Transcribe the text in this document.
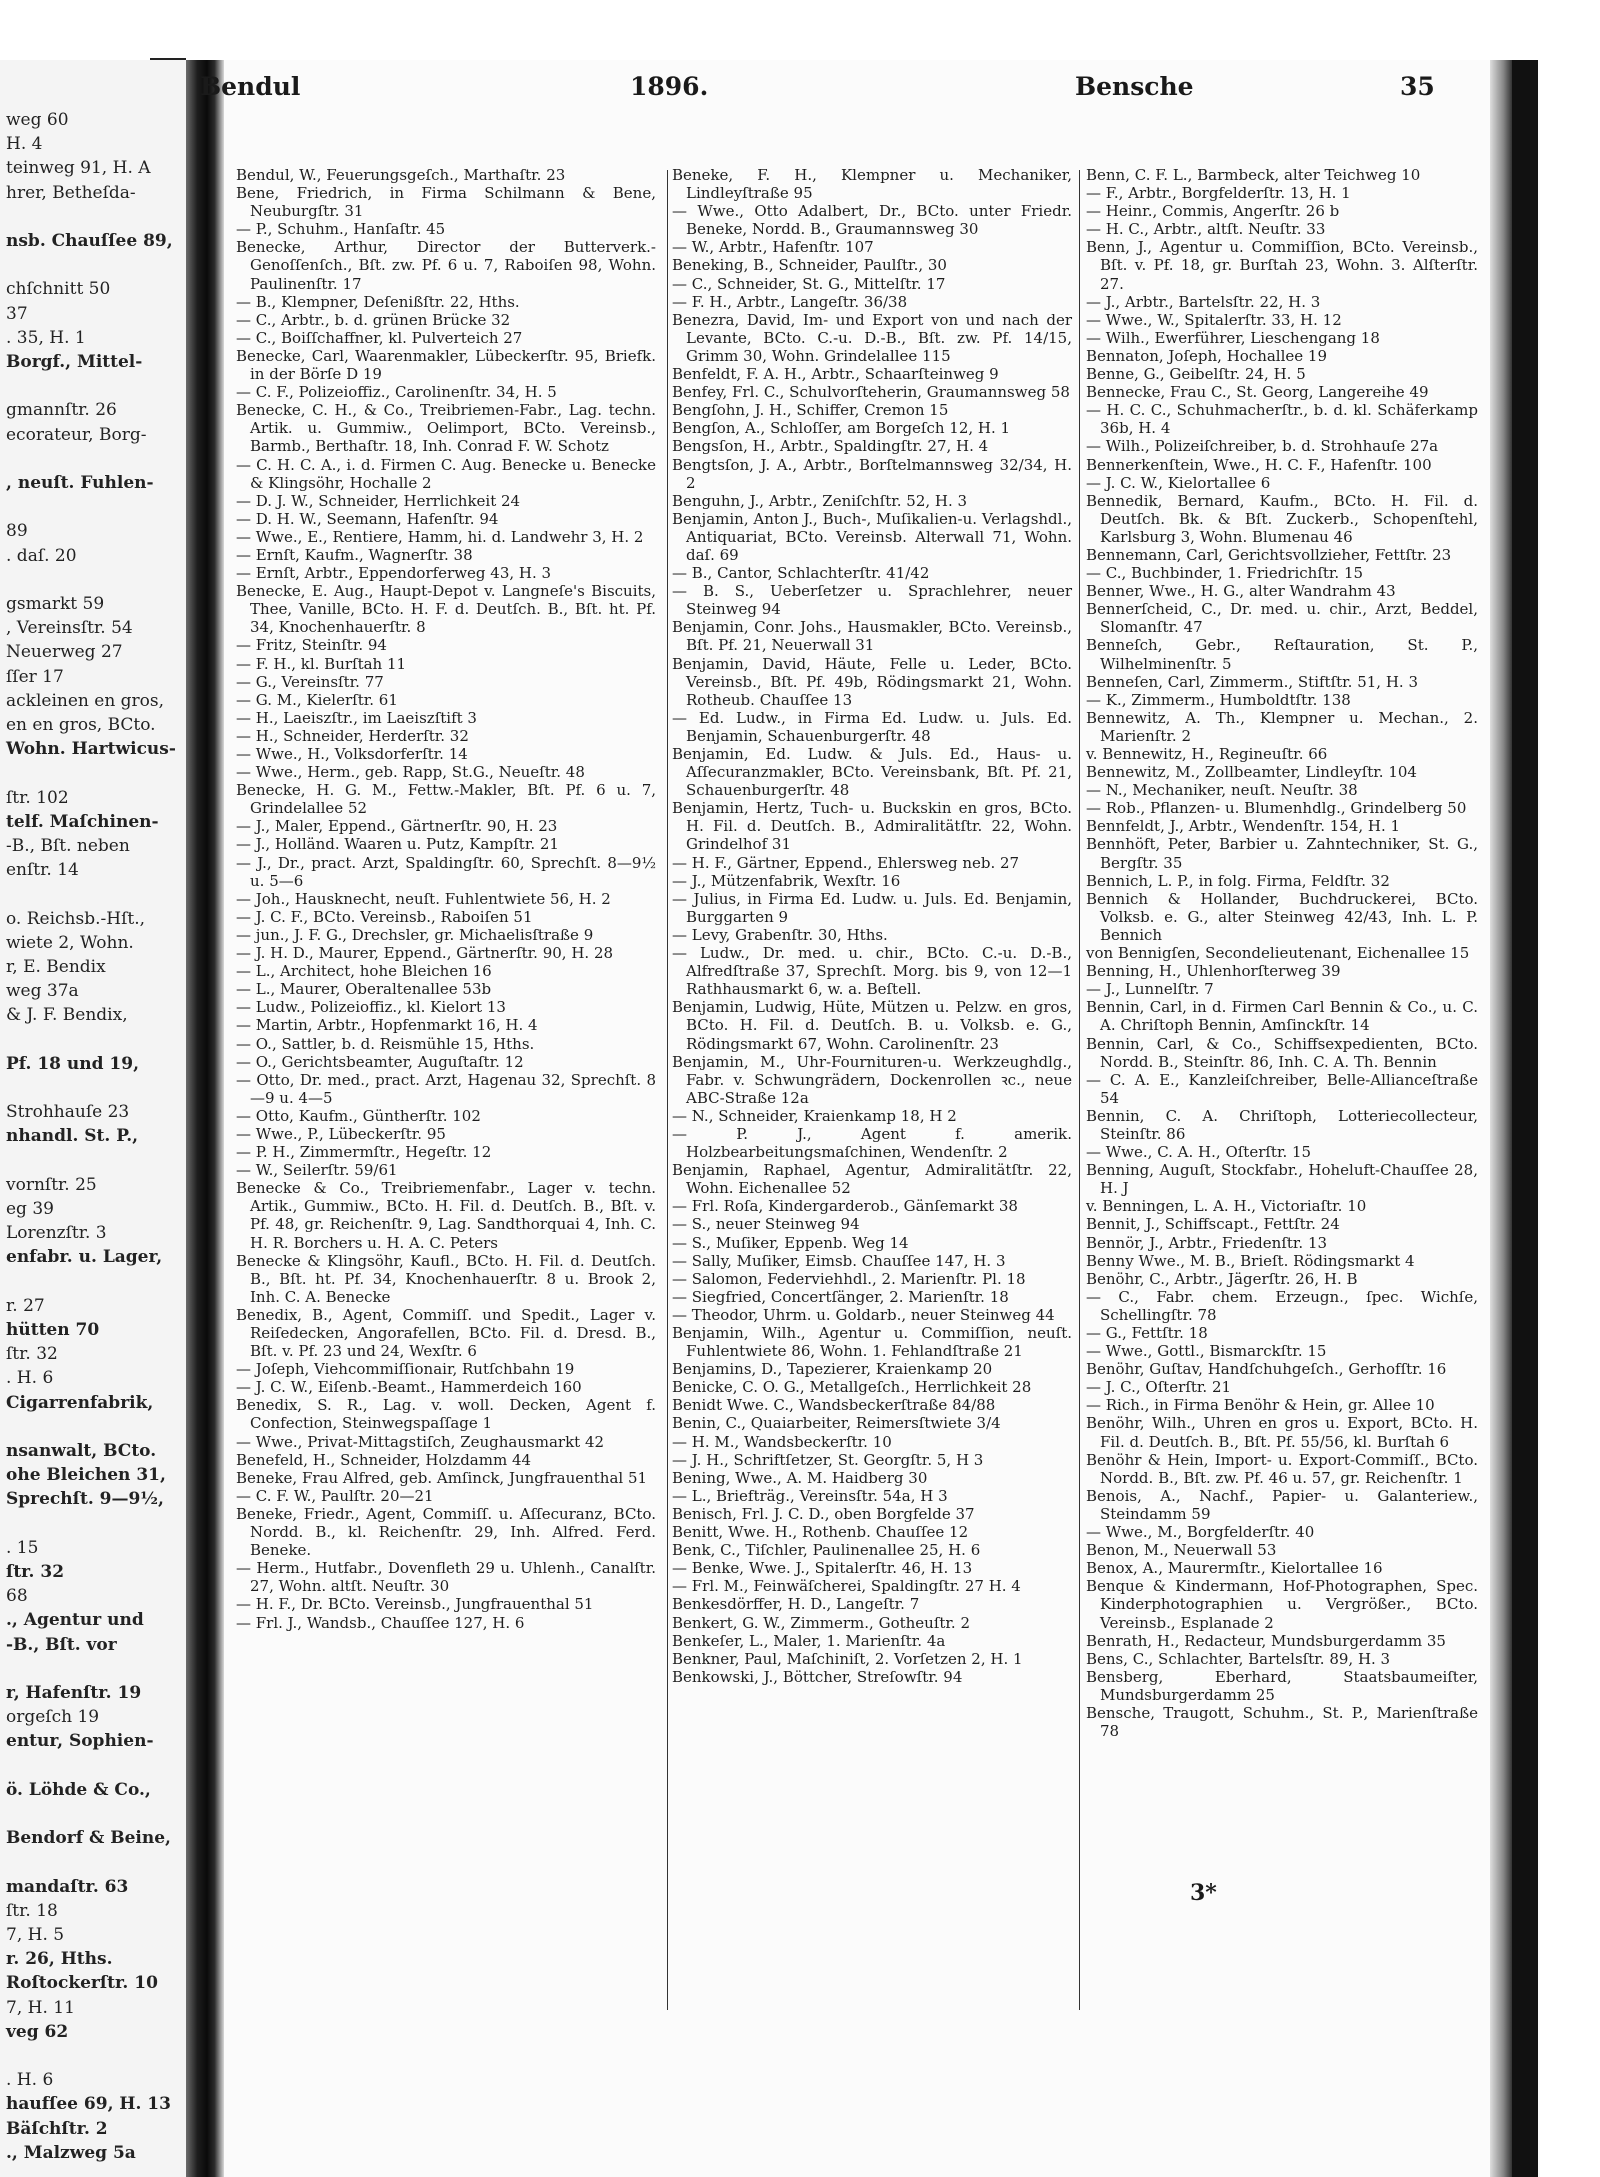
weg 60
H. 4
teinweg 91, H. A
hrer, Betheſda-
nsb. Chauſſee 89,
chſchnitt 50
37
. 35, H. 1
Borgf., Mittel-
gmannſtr. 26
ecorateur, Borg-
, neuſt. Fuhlen-
89
. daſ. 20
gsmarkt 59
, Vereinsſtr. 54
Neuerweg 27
ſſer 17
ackleinen en gros,
en en gros, BCto.
Wohn. Hartwicus-
ſtr. 102
telf. Maſchinen-
-B., Bſt. neben
enſtr. 14
o. Reichsb.-Hſt.,
wiete 2, Wohn.
r, E. Bendix
weg 37a
& J. F. Bendix,
Pf. 18 und 19,
Strohhauſe 23
nhandl. St. P.,
vornſtr. 25
eg 39
Lorenzſtr. 3
enfabr. u. Lager,
r. 27
hütten 70
ſtr. 32
. H. 6
Cigarrenfabrik,
nsanwalt, BCto.
ohe Bleichen 31,
Sprechſt. 9—9½,
. 15
ſtr. 32
68
., Agentur und
-B., Bſt. vor
r, Hafenſtr. 19
orgeſch 19
entur, Sophien-
ö. Löhde & Co.,
Bendorf & Beine,
mandaſtr. 63
ſtr. 18
7, H. 5
r. 26, Hths.
Roſtockerſtr. 10
7, H. 11
veg 62
. H. 6
haufſee 69, H. 13
Bäſchſtr. 2
., Malzweg 5a

Bendul, W., Feuerungsgeſch., Marthaſtr. 23

Bene, Friedrich, in Firma Schilmann & Bene, Neuburgſtr. 31

— P., Schuhm., Hanſaſtr. 45

Benecke, Arthur, Director der Butterverk.-Genoſſenſch., Bſt. zw. Pf. 6 u. 7, Raboiſen 98, Wohn. Paulinenſtr. 17

— B., Klempner, Deſenißſtr. 22, Hths.

— C., Arbtr., b. d. grünen Brücke 32

— C., Boiſſchaffner, kl. Pulverteich 27

Benecke, Carl, Waarenmakler, Lübeckerſtr. 95, Briefk. in der Börſe D 19

— C. F., Polizeioffiz., Carolinenſtr. 34, H. 5

Benecke, C. H., & Co., Treibriemen-Fabr., Lag. techn. Artik. u. Gummiw., Oelimport, BCto. Vereinsb., Barmb., Berthaſtr. 18, Inh. Conrad F. W. Schotz

— C. H. C. A., i. d. Firmen C. Aug. Benecke u. Benecke & Klingsöhr, Hochalle 2

— D. J. W., Schneider, Herrlichkeit 24

— D. H. W., Seemann, Hafenſtr. 94

— Wwe., E., Rentiere, Hamm, hi. d. Landwehr 3, H. 2

— Ernſt, Kaufm., Wagnerſtr. 38

— Ernſt, Arbtr., Eppendorferweg 43, H. 3

Benecke, E. Aug., Haupt-Depot v. Langneſe's Biscuits, Thee, Vanille, BCto. H. F. d. Deutſch. B., Bſt. ht. Pf. 34, Knochenhauerſtr. 8

— Fritz, Steinſtr. 94

— F. H., kl. Burſtah 11

— G., Vereinsſtr. 77

— G. M., Kielerſtr. 61

— H., Laeiszſtr., im Laeiszſtift 3

— H., Schneider, Herderſtr. 32

— Wwe., H., Volksdorferſtr. 14

— Wwe., Herm., geb. Rapp, St.G., Neueſtr. 48

Benecke, H. G. M., Fettw.-Makler, Bſt. Pf. 6 u. 7, Grindelallee 52

— J., Maler, Eppend., Gärtnerſtr. 90, H. 23

— J., Holländ. Waaren u. Putz, Kampſtr. 21

— J., Dr., pract. Arzt, Spaldingſtr. 60, Sprechſt. 8—9½ u. 5—6

— Joh., Hausknecht, neuſt. Fuhlentwiete 56, H. 2

— J. C. F., BCto. Vereinsb., Raboiſen 51

— jun., J. F. G., Drechsler, gr. Michaelisſtraße 9

— J. H. D., Maurer, Eppend., Gärtnerſtr. 90, H. 28

— L., Architect, hohe Bleichen 16

— L., Maurer, Oberaltenallee 53b

— Ludw., Polizeioffiz., kl. Kielort 13

— Martin, Arbtr., Hopfenmarkt 16, H. 4

— O., Sattler, b. d. Reismühle 15, Hths.

— O., Gerichtsbeamter, Auguſtaſtr. 12

— Otto, Dr. med., pract. Arzt, Hagenau 32, Sprechſt. 8—9 u. 4—5

— Otto, Kaufm., Güntherſtr. 102

— Wwe., P., Lübeckerſtr. 95

— P. H., Zimmermſtr., Hegeſtr. 12

— W., Seilerſtr. 59/61

Benecke & Co., Treibriemenfabr., Lager v. techn. Artik., Gummiw., BCto. H. Fil. d. Deutſch. B., Bſt. v. Pf. 48, gr. Reichenſtr. 9, Lag. Sandthorquai 4, Inh. C. H. R. Borchers u. H. A. C. Peters

Benecke & Klingsöhr, Kaufl., BCto. H. Fil. d. Deutſch. B., Bſt. ht. Pf. 34, Knochenhauerſtr. 8 u. Brook 2, Inh. C. A. Benecke

Benedix, B., Agent, Commiſſ. und Spedit., Lager v. Reiſedecken, Angorafellen, BCto. Fil. d. Dresd. B., Bſt. v. Pf. 23 und 24, Wexſtr. 6

— Joſeph, Viehcommiſſionair, Rutſchbahn 19

— J. C. W., Eiſenb.-Beamt., Hammerdeich 160

Benedix, S. R., Lag. v. woll. Decken, Agent f. Confection, Steinwegspaſſage 1

— Wwe., Privat-Mittagstiſch, Zeughausmarkt 42

Benefeld, H., Schneider, Holzdamm 44

Beneke, Frau Alfred, geb. Amſinck, Jungfrauenthal 51

— C. F. W., Paulſtr. 20—21

Beneke, Friedr., Agent, Commiſſ. u. Aſſecuranz, BCto. Nordd. B., kl. Reichenſtr. 29, Inh. Alfred. Ferd. Beneke.

— Herm., Hutfabr., Dovenfleth 29 u. Uhlenh., Canalſtr. 27, Wohn. altſt. Neuſtr. 30

— H. F., Dr. BCto. Vereinsb., Jungfrauenthal 51

— Frl. J., Wandsb., Chauſſee 127, H. 6

Beneke, F. H., Klempner u. Mechaniker, Lindleyſtraße 95

— Wwe., Otto Adalbert, Dr., BCto. unter Friedr. Beneke, Nordd. B., Graumannsweg 30

— W., Arbtr., Hafenſtr. 107

Beneking, B., Schneider, Paulſtr., 30

— C., Schneider, St. G., Mittelſtr. 17

— F. H., Arbtr., Langeſtr. 36/38

Benezra, David, Im- und Export von und nach der Levante, BCto. C.-u. D.-B., Bſt. zw. Pf. 14/15, Grimm 30, Wohn. Grindelallee 115

Benfeldt, F. A. H., Arbtr., Schaarſteinweg 9

Benfey, Frl. C., Schulvorſteherin, Graumannsweg 58

Bengſohn, J. H., Schiffer, Cremon 15

Bengſon, A., Schloſſer, am Borgeſch 12, H. 1

Bengsſon, H., Arbtr., Spaldingſtr. 27, H. 4

Bengtsſon, J. A., Arbtr., Borſtelmannsweg 32/34, H. 2

Benguhn, J., Arbtr., Zeniſchſtr. 52, H. 3

Benjamin, Anton J., Buch-, Muſikalien-u. Verlagshdl., Antiquariat, BCto. Vereinsb. Alterwall 71, Wohn. daſ. 69

— B., Cantor, Schlachterſtr. 41/42

— B. S., Ueberſetzer u. Sprachlehrer, neuer Steinweg 94

Benjamin, Conr. Johs., Hausmakler, BCto. Vereinsb., Bſt. Pf. 21, Neuerwall 31

Benjamin, David, Häute, Felle u. Leder, BCto. Vereinsb., Bſt. Pf. 49b, Rödingsmarkt 21, Wohn. Rotheub. Chauſſee 13

— Ed. Ludw., in Firma Ed. Ludw. u. Juls. Ed. Benjamin, Schauenburgerſtr. 48

Benjamin, Ed. Ludw. & Juls. Ed., Haus- u. Aſſecuranzmakler, BCto. Vereinsbank, Bſt. Pf. 21, Schauenburgerſtr. 48

Benjamin, Hertz, Tuch- u. Buckskin en gros, BCto. H. Fil. d. Deutſch. B., Admiralitätſtr. 22, Wohn. Grindelhof 31

— H. F., Gärtner, Eppend., Ehlersweg neb. 27

— J., Mützenfabrik, Wexſtr. 16

— Julius, in Firma Ed. Ludw. u. Juls. Ed. Benjamin, Burggarten 9

— Levy, Grabenſtr. 30, Hths.

— Ludw., Dr. med. u. chir., BCto. C.-u. D.-B., Alfredſtraße 37, Sprechſt. Morg. bis 9, von 12—1 Rathhausmarkt 6, w. a. Beſtell.

Benjamin, Ludwig, Hüte, Mützen u. Pelzw. en gros, BCto. H. Fil. d. Deutſch. B. u. Volksb. e. G., Rödingsmarkt 67, Wohn. Carolinenſtr. 23

Benjamin, M., Uhr-Fournituren-u. Werkzeughdlg., Fabr. v. Schwungrädern, Dockenrollen ꝛc., neue ABC-Straße 12a

— N., Schneider, Kraienkamp 18, H 2

— P. J., Agent f. amerik. Holzbearbeitungsmaſchinen, Wendenſtr. 2

Benjamin, Raphael, Agentur, Admiralitätſtr. 22, Wohn. Eichenallee 52

— Frl. Roſa, Kindergarderob., Gänſemarkt 38

— S., neuer Steinweg 94

— S., Muſiker, Eppenb. Weg 14

— Sally, Muſiker, Eimsb. Chauſſee 147, H. 3

— Salomon, Federviehhdl., 2. Marienſtr. Pl. 18

— Siegfried, Concertſänger, 2. Marienſtr. 18

— Theodor, Uhrm. u. Goldarb., neuer Steinweg 44

Benjamin, Wilh., Agentur u. Commiſſion, neuſt. Fuhlentwiete 86, Wohn. 1. Fehlandſtraße 21

Benjamins, D., Tapezierer, Kraienkamp 20

Benicke, C. O. G., Metallgeſch., Herrlichkeit 28

Benidt Wwe. C., Wandsbeckerſtraße 84/88

Benin, C., Quaiarbeiter, Reimersſtwiete 3/4

— H. M., Wandsbeckerſtr. 10

— J. H., Schriftſetzer, St. Georgſtr. 5, H 3

Bening, Wwe., A. M. Haidberg 30

— L., Briefträg., Vereinsſtr. 54a, H 3

Benisch, Frl. J. C. D., oben Borgfelde 37

Benitt, Wwe. H., Rothenb. Chauſſee 12

Benk, C., Tiſchler, Paulinenallee 25, H. 6

— Benke, Wwe. J., Spitalerſtr. 46, H. 13

— Frl. M., Feinwäſcherei, Spaldingſtr. 27 H. 4

Benkesdörffer, H. D., Langeſtr. 7

Benkert, G. W., Zimmerm., Gotheuſtr. 2

Benkeſer, L., Maler, 1. Marienſtr. 4a

Benkner, Paul, Maſchiniſt, 2. Vorſetzen 2, H. 1

Benkowski, J., Böttcher, Streſowſtr. 94

Benn, C. F. L., Barmbeck, alter Teichweg 10

— F., Arbtr., Borgfelderſtr. 13, H. 1

— Heinr., Commis, Angerſtr. 26 b

— H. C., Arbtr., altſt. Neuſtr. 33

Benn, J., Agentur u. Commiſſion, BCto. Vereinsb., Bſt. v. Pf. 18, gr. Burſtah 23, Wohn. 3. Alſterſtr. 27.

— J., Arbtr., Bartelsſtr. 22, H. 3

— Wwe., W., Spitalerſtr. 33, H. 12

— Wilh., Ewerführer, Lieschengang 18

Bennaton, Joſeph, Hochallee 19

Benne, G., Geibelſtr. 24, H. 5

Bennecke, Frau C., St. Georg, Langereihe 49

— H. C. C., Schuhmacherſtr., b. d. kl. Schäferkamp 36b, H. 4

— Wilh., Polizeiſchreiber, b. d. Strohhauſe 27a

Bennerkenſtein, Wwe., H. C. F., Hafenſtr. 100

— J. C. W., Kielortallee 6

Bennedik, Bernard, Kaufm., BCto. H. Fil. d. Deutſch. Bk. & Bſt. Zuckerb., Schopenſtehl, Karlsburg 3, Wohn. Blumenau 46

Bennemann, Carl, Gerichtsvollzieher, Fettſtr. 23

— C., Buchbinder, 1. Friedrichſtr. 15

Benner, Wwe., H. G., alter Wandrahm 43

Bennerſcheid, C., Dr. med. u. chir., Arzt, Beddel, Slomanſtr. 47

Benneſch, Gebr., Reſtauration, St. P., Wilhelminenſtr. 5

Benneſen, Carl, Zimmerm., Stiftſtr. 51, H. 3

— K., Zimmerm., Humboldtſtr. 138

Bennewitz, A. Th., Klempner u. Mechan., 2. Marienſtr. 2

v. Bennewitz, H., Regineuſtr. 66

Bennewitz, M., Zollbeamter, Lindleyſtr. 104

— N., Mechaniker, neuſt. Neuſtr. 38

— Rob., Pflanzen- u. Blumenhdlg., Grindelberg 50

Bennfeldt, J., Arbtr., Wendenſtr. 154, H. 1

Bennhöft, Peter, Barbier u. Zahntechniker, St. G., Bergſtr. 35

Bennich, L. P., in folg. Firma, Feldſtr. 32

Bennich & Hollander, Buchdruckerei, BCto. Volksb. e. G., alter Steinweg 42/43, Inh. L. P. Bennich

von Bennigſen, Secondelieutenant, Eichenallee 15

Benning, H., Uhlenhorſterweg 39

— J., Lunnelſtr. 7

Bennin, Carl, in d. Firmen Carl Bennin & Co., u. C. A. Chriſtoph Bennin, Amſinckſtr. 14

Bennin, Carl, & Co., Schiffsexpedienten, BCto. Nordd. B., Steinſtr. 86, Inh. C. A. Th. Bennin

— C. A. E., Kanzleiſchreiber, Belle-Allianceſtraße 54

Bennin, C. A. Chriſtoph, Lotteriecollecteur, Steinſtr. 86

— Wwe., C. A. H., Oſterſtr. 15

Benning, Auguſt, Stockfabr., Hoheluft-Chauſſee 28, H. J

v. Benningen, L. A. H., Victoriaſtr. 10

Bennit, J., Schiffscapt., Fettſtr. 24

Bennör, J., Arbtr., Friedenſtr. 13

Benny Wwe., M. B., Brieſt. Rödingsmarkt 4

Benöhr, C., Arbtr., Jägerſtr. 26, H. B

— C., Fabr. chem. Erzeugn., ſpec. Wichſe, Schellingſtr. 78

— G., Fettſtr. 18

— Wwe., Gottl., Bismarckſtr. 15

Benöhr, Guſtav, Handſchuhgeſch., Gerhofſtr. 16

— J. C., Oſterſtr. 21

— Rich., in Firma Benöhr & Hein, gr. Allee 10

Benöhr, Wilh., Uhren en gros u. Export, BCto. H. Fil. d. Deutſch. B., Bſt. Pf. 55/56, kl. Burſtah 6

Benöhr & Hein, Import- u. Export-Commiſſ., BCto. Nordd. B., Bſt. zw. Pf. 46 u. 57, gr. Reichenſtr. 1

Benois, A., Nachf., Papier- u. Galanteriew., Steindamm 59

— Wwe., M., Borgfelderſtr. 40

Benon, M., Neuerwall 53

Benox, A., Maurermſtr., Kielortallee 16

Benque & Kindermann, Hof-Photographen, Spec. Kinderphotographien u. Vergrößer., BCto. Vereinsb., Esplanade 2

Benrath, H., Redacteur, Mundsburgerdamm 35

Bens, C., Schlachter, Bartelsſtr. 89, H. 3

Bensberg, Eberhard, Staatsbaumeiſter, Mundsburgerdamm 25

Bensche, Traugott, Schuhm., St. P., Marienſtraße 78

Bendul	1896.	Bensche	35
3*
